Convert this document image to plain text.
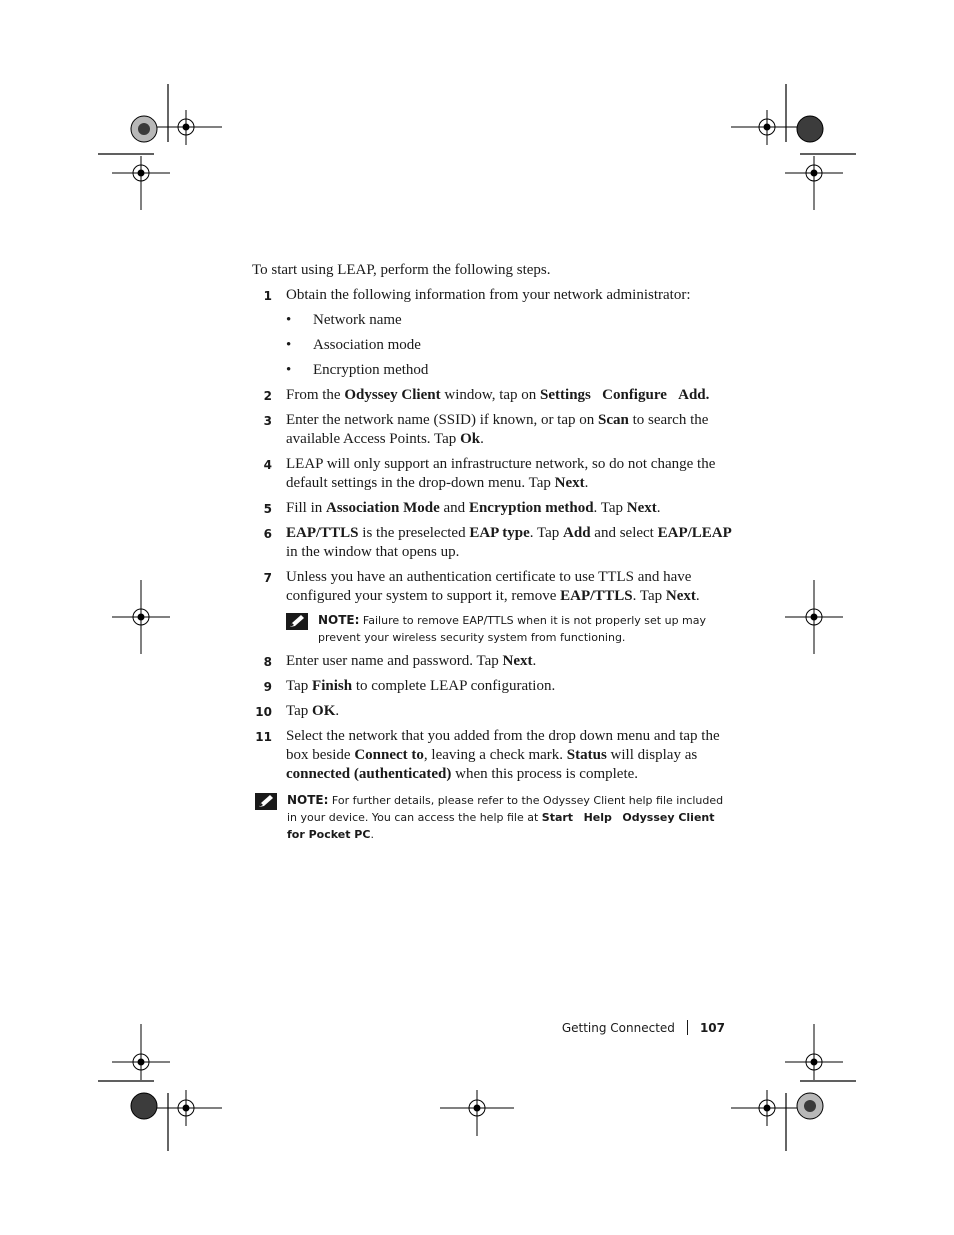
To start using LEAP, perform the following steps.

1 Obtain the following information from your network administrator:
• Network name
• Association mode
• Encryption method
2 From the Odyssey Client window, tap on Settings Configure Add.
3 Enter the network name (SSID) if known, or tap on Scan to search the available Access Points. Tap Ok.
4 LEAP will only support an infrastructure network, so do not change the default settings in the drop-down menu. Tap Next.
5 Fill in Association Mode and Encryption method. Tap Next.
6 EAP/TTLS is the preselected EAP type. Tap Add and select EAP/LEAP in the window that opens up.
7 Unless you have an authentication certificate to use TTLS and have configured your system to support it, remove EAP/TTLS. Tap Next.
NOTE: Failure to remove EAP/TTLS when it is not properly set up may prevent your wireless security system from functioning.
8 Enter user name and password. Tap Next.
9 Tap Finish to complete LEAP configuration.
10 Tap OK.
11 Select the network that you added from the drop down menu and tap the box beside Connect to, leaving a check mark. Status will display as connected (authenticated) when this process is complete.
NOTE: For further details, please refer to the Odyssey Client help file included in your device. You can access the help file at Start Help Odyssey Client for Pocket PC.
Getting Connected 107
